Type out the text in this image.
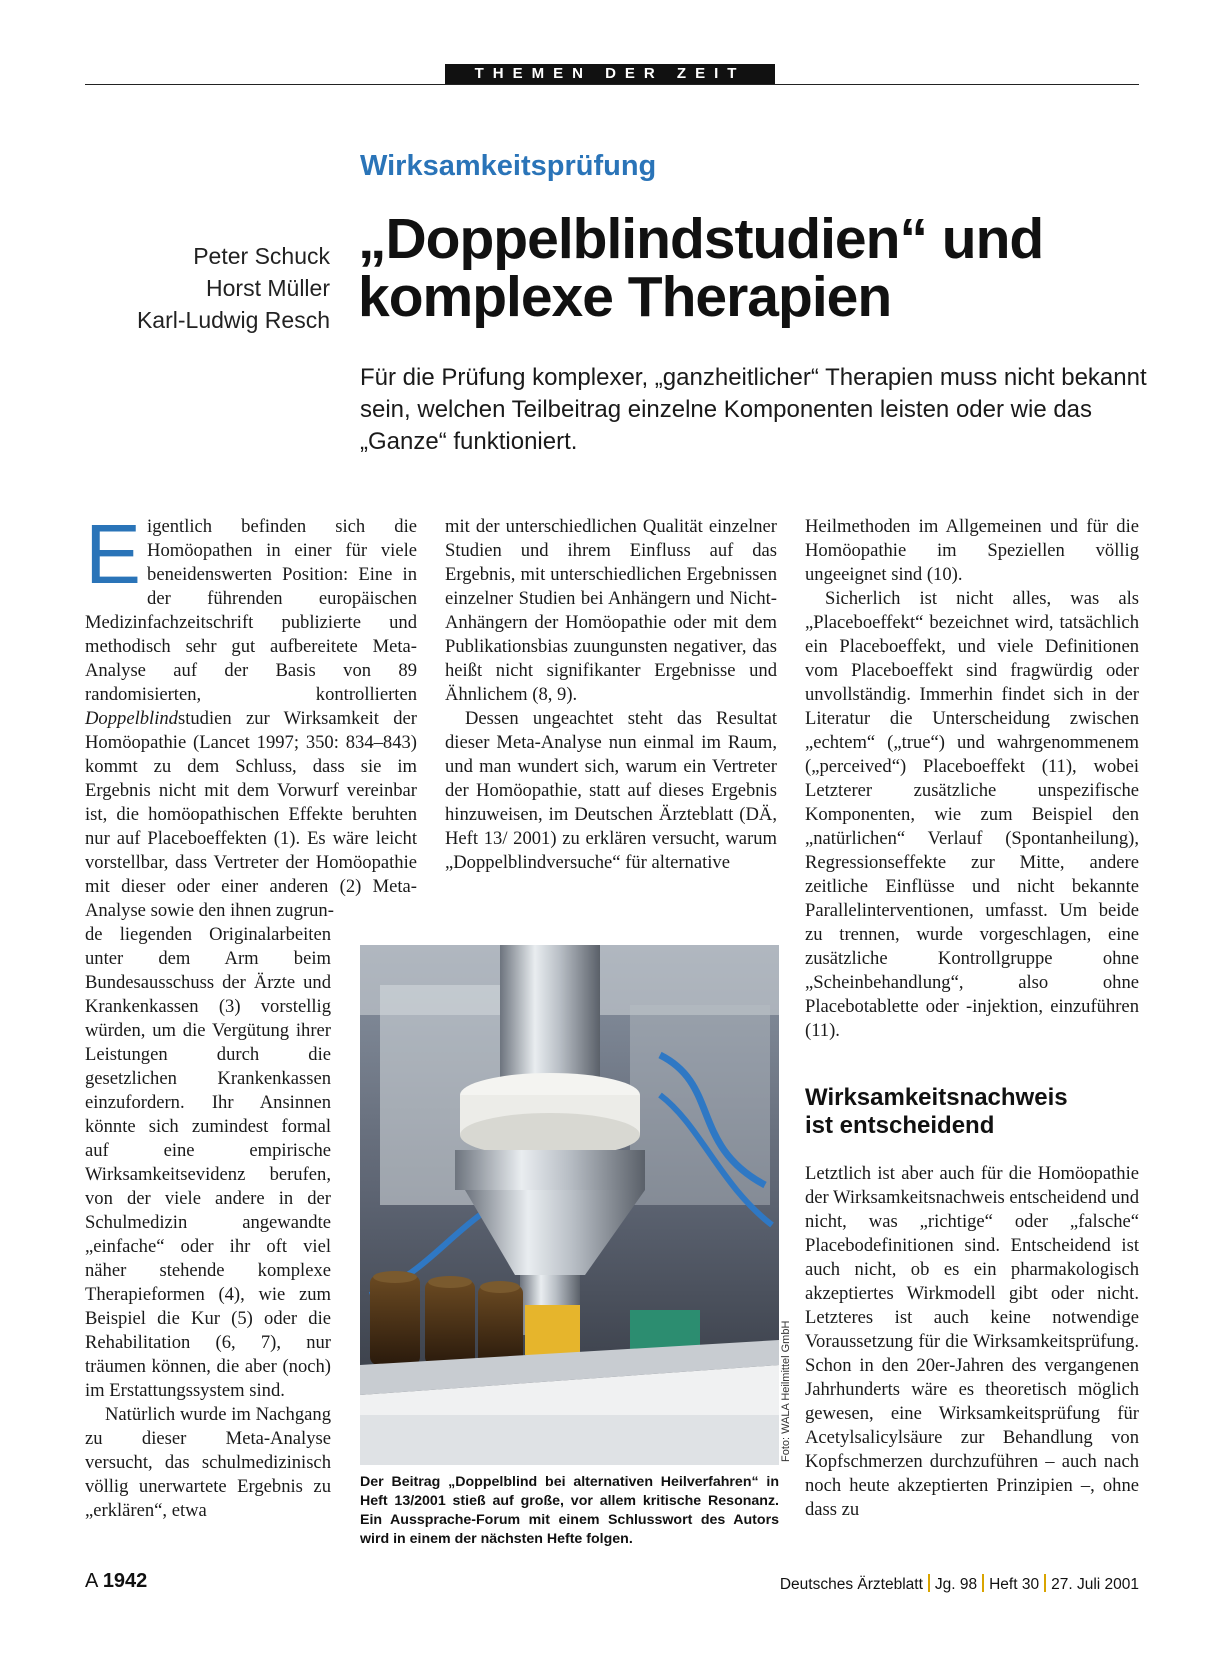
THEMEN DER ZEIT
Wirksamkeitsprüfung
Peter Schuck
Horst Müller
Karl-Ludwig Resch
„Doppelblindstudien“ und
komplexe Therapien
Für die Prüfung komplexer, „ganzheitlicher“ Therapien muss nicht bekannt sein, welchen Teilbeitrag einzelne Komponenten leisten oder wie das „Ganze“ funktioniert.

Eigentlich befinden sich die Homöopathen in einer für viele beneidenswerten Position: Eine in der führenden europäischen Medizinfachzeitschrift publizierte und methodisch sehr gut aufbereitete Meta-Analyse auf der Basis von 89 randomisierten, kontrollierten Doppelblindstudien zur Wirksamkeit der Homöopathie (Lancet 1997; 350: 834–843) kommt zu dem Schluss, dass sie im Ergebnis nicht mit dem Vorwurf vereinbar ist, die homöopathischen Effekte beruhten nur auf Placeboeffekten (1). Es wäre leicht vorstellbar, dass Vertreter der Homöopathie mit dieser oder einer anderen (2) Meta-Analyse sowie den ihnen zugrun-

de liegenden Originalarbeiten unter dem Arm beim Bundesausschuss der Ärzte und Krankenkassen (3) vorstellig würden, um die Vergütung ihrer Leistungen durch die gesetzlichen Krankenkassen einzufordern. Ihr Ansinnen könnte sich zumindest formal auf eine empirische Wirksamkeitsevidenz berufen, von der viele andere in der Schulmedizin angewandte „einfache“ oder ihr oft viel näher stehende komplexe Therapieformen (4), wie zum Beispiel die Kur (5) oder die Rehabilitation (6, 7), nur träumen können, die aber (noch) im Erstattungssystem sind.

Natürlich wurde im Nachgang zu dieser Meta-Analyse versucht, das schulmedizinisch völlig unerwartete Ergebnis zu „erklären“, etwa

mit der unterschiedlichen Qualität einzelner Studien und ihrem Einfluss auf das Ergebnis, mit unterschiedlichen Ergebnissen einzelner Studien bei Anhängern und Nicht-Anhängern der Homöopathie oder mit dem Publikationsbias zuungunsten negativer, das heißt nicht signifikanter Ergebnisse und Ähnlichem (8, 9).

Dessen ungeachtet steht das Resultat dieser Meta-Analyse nun einmal im Raum, und man wundert sich, warum ein Vertreter der Homöopathie, statt auf dieses Ergebnis hinzuweisen, im Deutschen Ärzteblatt (DÄ, Heft 13/ 2001) zu erklären versucht, warum „Doppelblindversuche“ für alternative

Heilmethoden im Allgemeinen und für die Homöopathie im Speziellen völlig ungeeignet sind (10).

Sicherlich ist nicht alles, was als „Placeboeffekt“ bezeichnet wird, tatsächlich ein Placeboeffekt, und viele Definitionen vom Placeboeffekt sind fragwürdig oder unvollständig. Immerhin findet sich in der Literatur die Unterscheidung zwischen „echtem“ („true“) und wahrgenommenem („perceived“) Placeboeffekt (11), wobei Letzterer zusätzliche unspezifische Komponenten, wie zum Beispiel den „natürlichen“ Verlauf (Spontanheilung), Regressionseffekte zur Mitte, andere zeitliche Einflüsse und nicht bekannte Parallelinterventionen, umfasst. Um beide zu trennen, wurde vorgeschlagen, eine zusätzliche Kontrollgruppe ohne „Scheinbehandlung“, also ohne Placebotablette oder -injektion, einzuführen (11).

Wirksamkeitsnachweis
ist entscheidend

Letztlich ist aber auch für die Homöopathie der Wirksamkeitsnachweis entscheidend und nicht, was „richtige“ oder „falsche“ Placebodefinitionen sind. Entscheidend ist auch nicht, ob es ein pharmakologisch akzeptiertes Wirkmodell gibt oder nicht. Letzteres ist auch keine notwendige Voraussetzung für die Wirksamkeitsprüfung. Schon in den 20er-Jahren des vergangenen Jahrhunderts wäre es theoretisch möglich gewesen, eine Wirksamkeitsprüfung für Acetylsalicylsäure zur Behandlung von Kopfschmerzen durchzuführen – auch nach noch heute akzeptierten Prinzipien –, ohne dass zu

Foto: WALA Heilmittel GmbH
Der Beitrag „Doppelblind bei alternativen Heilverfahren“ in Heft 13/2001 stieß auf große, vor allem kritische Resonanz. Ein Aussprache-Forum mit einem Schlusswort des Autors wird in einem der nächsten Hefte folgen.
A 1942	Deutsches Ärzteblatt Jg. 98 Heft 30 27. Juli 2001
